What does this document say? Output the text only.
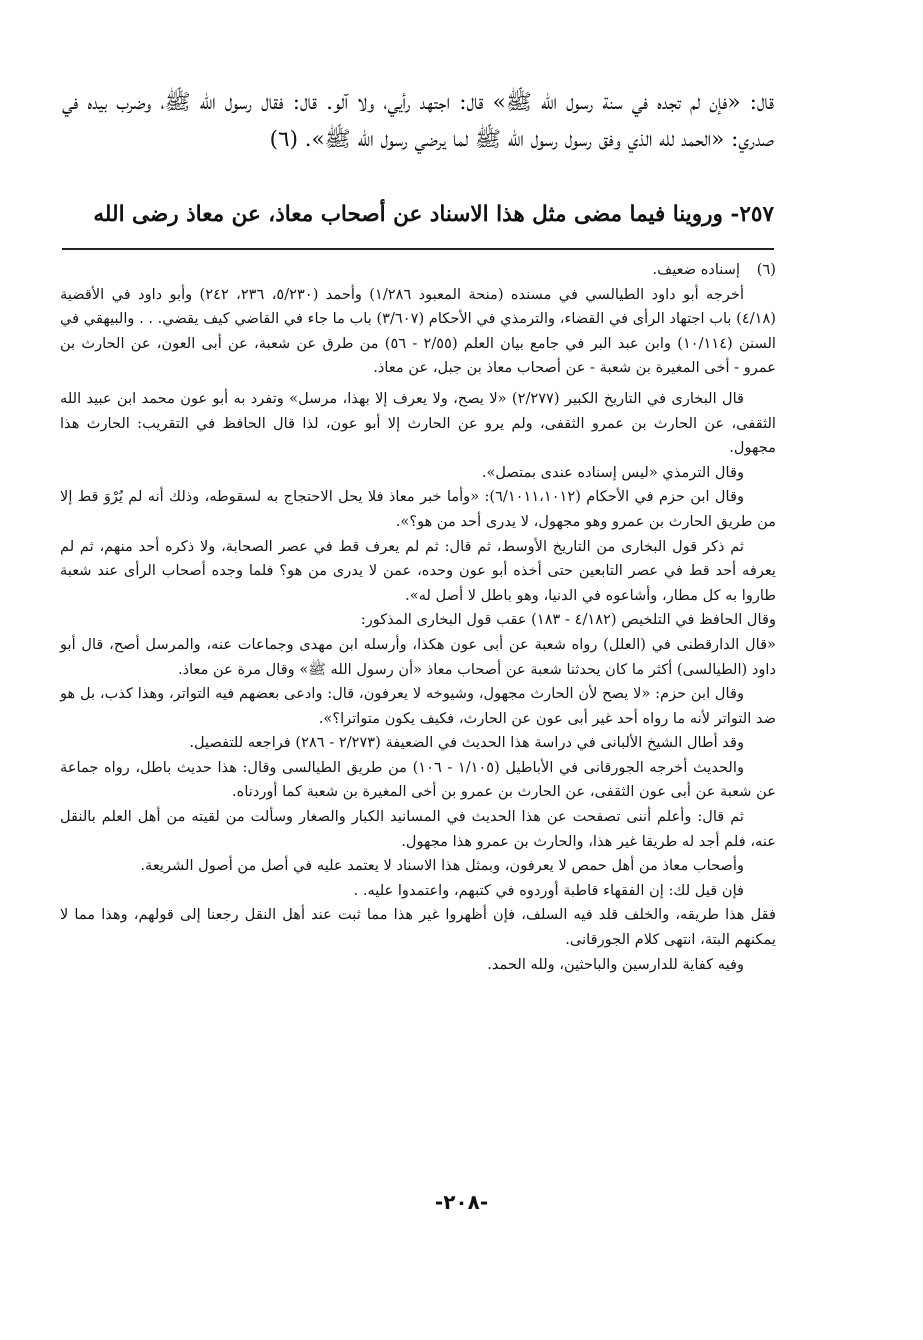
قال: «فإن لم تجده في سنة رسول الله ﷺ» قال: اجتهد رأيي، ولا آلو. قال: فقال رسول الله ﷺ، وضرب بيده في صدري: «الحمد لله الذي وفق رسول رسول الله ﷺ لما يرضي رسول الله ﷺ». (٦)

٢٥٧- وروينا فيما مضى مثل هذا الاسناد عن أصحاب معاذ، عن معاذ رضى الله
(٦)
إسناده ضعيف.

أخرجه أبو داود الطيالسي في مسنده (منحة المعبود ١/٢٨٦) وأحمد (٥/٢٣٠، ٢٣٦، ٢٤٢) وأبو داود في الأقضية (٤/١٨) باب اجتهاد الرأى في القضاء، والترمذي في الأحكام (٣/٦٠٧) باب ما جاء في القاضي كيف يقضي. . . والبيهقي في السنن (١٠/١١٤) وابن عبد البر في جامع بيان العلم (٢/٥٥ - ٥٦) من طرق عن شعبة، عن أبى العون، عن الحارث بن عمرو - أخى المغيرة بن شعبة - عن أصحاب معاذ بن جبل، عن معاذ.

قال البخارى في التاريخ الكبير (٢/٢٧٧) «لا يصح، ولا يعرف إلا بهذا، مرسل» وتفرد به أبو عون محمد ابن عبيد الله الثقفى، عن الحارث بن عمرو الثقفى، ولم يرو عن الحارث إلا أبو عون، لذا قال الحافظ في التقريب: الحارث هذا مجهول.

وقال الترمذي «ليس إسناده عندى بمتصل».

وقال ابن حزم في الأحكام (٦/١٠١١،١٠١٢): «وأما خبر معاذ فلا يحل الاحتجاج به لسقوطه، وذلك أنه لم يُرْوَ قط إلا من طريق الحارث بن عمرو وهو مجهول، لا يدرى أحد من هو؟».

ثم ذكر قول البخارى من التاريخ الأوسط، ثم قال: ثم لم يعرف قط في عصر الصحابة، ولا ذكره أحد منهم، ثم لم يعرفه أحد قط في عصر التابعين حتى أخذه أبو عون وحده، عمن لا يدرى من هو؟ فلما وجده أصحاب الرأى عند شعبة طاروا به كل مطار، وأشاعوه في الدنيا، وهو باطل لا أصل له».

وقال الحافظ في التلخيص (٤/١٨٢ - ١٨٣) عقب قول البخارى المذكور:

«قال الدارقطنى في (العلل) رواه شعبة عن أبى عون هكذا، وأرسله ابن مهدى وجماعات عنه، والمرسل أصح، قال أبو داود (الطيالسى) أكثر ما كان يحدثنا شعبة عن أصحاب معاذ «أن رسول الله ﷺ» وقال مرة عن معاذ.

وقال ابن حزم: «لا يصح لأن الحارث مجهول، وشيوخه لا يعرفون، قال: وادعى بعضهم فيه التواتر، وهذا كذب، بل هو ضد التواتر لأنه ما رواه أحد غير أبى عون عن الحارث، فكيف يكون متواترا؟».

وقد أطال الشيخ الألبانى في دراسة هذا الحديث في الضعيفة (٢/٢٧٣ - ٢٨٦) فراجعه للتفصيل.

والحديث أخرجه الجورقانى في الأباطيل (١/١٠٥ - ١٠٦) من طريق الطيالسى وقال: هذا حديث باطل، رواه جماعة عن شعبة عن أبى عون الثقفى، عن الحارث بن عمرو بن أخى المغيرة بن شعبة كما أوردناه.

ثم قال: وأعلم أننى تصفحت عن هذا الحديث في المسانيد الكبار والصغار وسألت من لقيته من أهل العلم بالنقل عنه، فلم أجد له طريقا غير هذا، والحارث بن عمرو هذا مجهول.

وأصحاب معاذ من أهل حمص لا يعرفون، وبمثل هذا الاسناد لا يعتمد عليه في أصل من أصول الشريعة.

فإن قيل لك: إن الفقهاء قاطبة أوردوه في كتبهم، واعتمدوا عليه. .

فقل هذا طريقه، والخلف قلد فيه السلف، فإن أظهروا غير هذا مما ثبت عند أهل النقل رجعنا إلى قولهم، وهذا مما لا يمكنهم البتة، انتهى كلام الجورقانى.

وفيه كفاية للدارسين والباحثين، ولله الحمد.

-٢٠٨-
